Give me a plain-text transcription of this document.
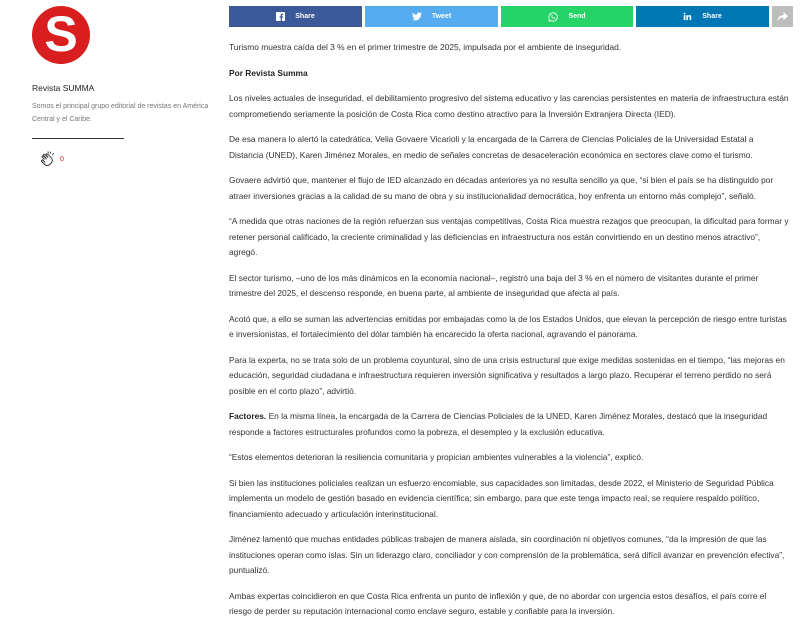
S
Revista SUMMA
Somos el principal grupo editorial de revistas en América Central y el Caribe.
0
Share	Tweet	Send	Share

Turismo muestra caída del 3 % en el primer trimestre de 2025, impulsada por el ambiente de inseguridad.

Por Revista Summa

Los niveles actuales de inseguridad, el debilitamiento progresivo del sistema educativo y las carencias persistentes en materia de infraestructura están comprometiendo seriamente la posición de Costa Rica como destino atractivo para la Inversión Extranjera Directa (IED).

De esa manera lo alertó la catedrática, Velia Govaere Vicarioli y la encargada de la Carrera de Ciencias Policiales de la Universidad Estatal a Distancia (UNED), Karen Jiménez Morales, en medio de señales concretas de desaceleración económica en sectores clave como el turismo.

Govaere advirtió que, mantener el flujo de IED alcanzado en décadas anteriores ya no resulta sencillo ya que, “si bien el país se ha distinguido por atraer inversiones gracias a la calidad de su mano de obra y su institucionalidad democrática, hoy enfrenta un entorno más complejo”, señaló.

“A medida que otras naciones de la región refuerzan sus ventajas competitivas, Costa Rica muestra rezagos que preocupan, la dificultad para formar y retener personal calificado, la creciente criminalidad y las deficiencias en infraestructura nos están convirtiendo en un destino menos atractivo”, agregó.

El sector turismo, –uno de los más dinámicos en la economía nacional–, registró una baja del 3 % en el número de visitantes durante el primer trimestre del 2025, el descenso responde, en buena parte, al ambiente de inseguridad que afecta al país.

Acotó que, a ello se suman las advertencias emitidas por embajadas como la de los Estados Unidos, que elevan la percepción de riesgo entre turistas e inversionistas, el fortalecimiento del dólar también ha encarecido la oferta nacional, agravando el panorama.

Para la experta, no se trata solo de un problema coyuntural, sino de una crisis estructural que exige medidas sostenidas en el tiempo, “las mejoras en educación, seguridad ciudadana e infraestructura requieren inversión significativa y resultados a largo plazo. Recuperar el terreno perdido no será posible en el corto plazo”, advirtió.

Factores. En la misma línea, la encargada de la Carrera de Ciencias Policiales de la UNED, Karen Jiménez Morales, destacó que la inseguridad responde a factores estructurales profundos como la pobreza, el desempleo y la exclusión educativa.

“Estos elementos deterioran la resiliencia comunitaria y propician ambientes vulnerables a la violencia”, explicó.

Si bien las instituciones policiales realizan un esfuerzo encomiable, sus capacidades son limitadas, desde 2022, el Ministerio de Seguridad Pública implementa un modelo de gestión basado en evidencia científica; sin embargo, para que este tenga impacto real, se requiere respaldo político, financiamiento adecuado y articulación interinstitucional.

Jiménez lamentó que muchas entidades públicas trabajen de manera aislada, sin coordinación ni objetivos comunes, “da la impresión de que las instituciones operan como islas. Sin un liderazgo claro, conciliador y con comprensión de la problemática, será difícil avanzar en prevención efectiva”, puntualizó.

Ambas expertas coincidieron en que Costa Rica enfrenta un punto de inflexión y que, de no abordar con urgencia estos desafíos, el país corre el riesgo de perder su reputación internacional como enclave seguro, estable y confiable para la inversión.
